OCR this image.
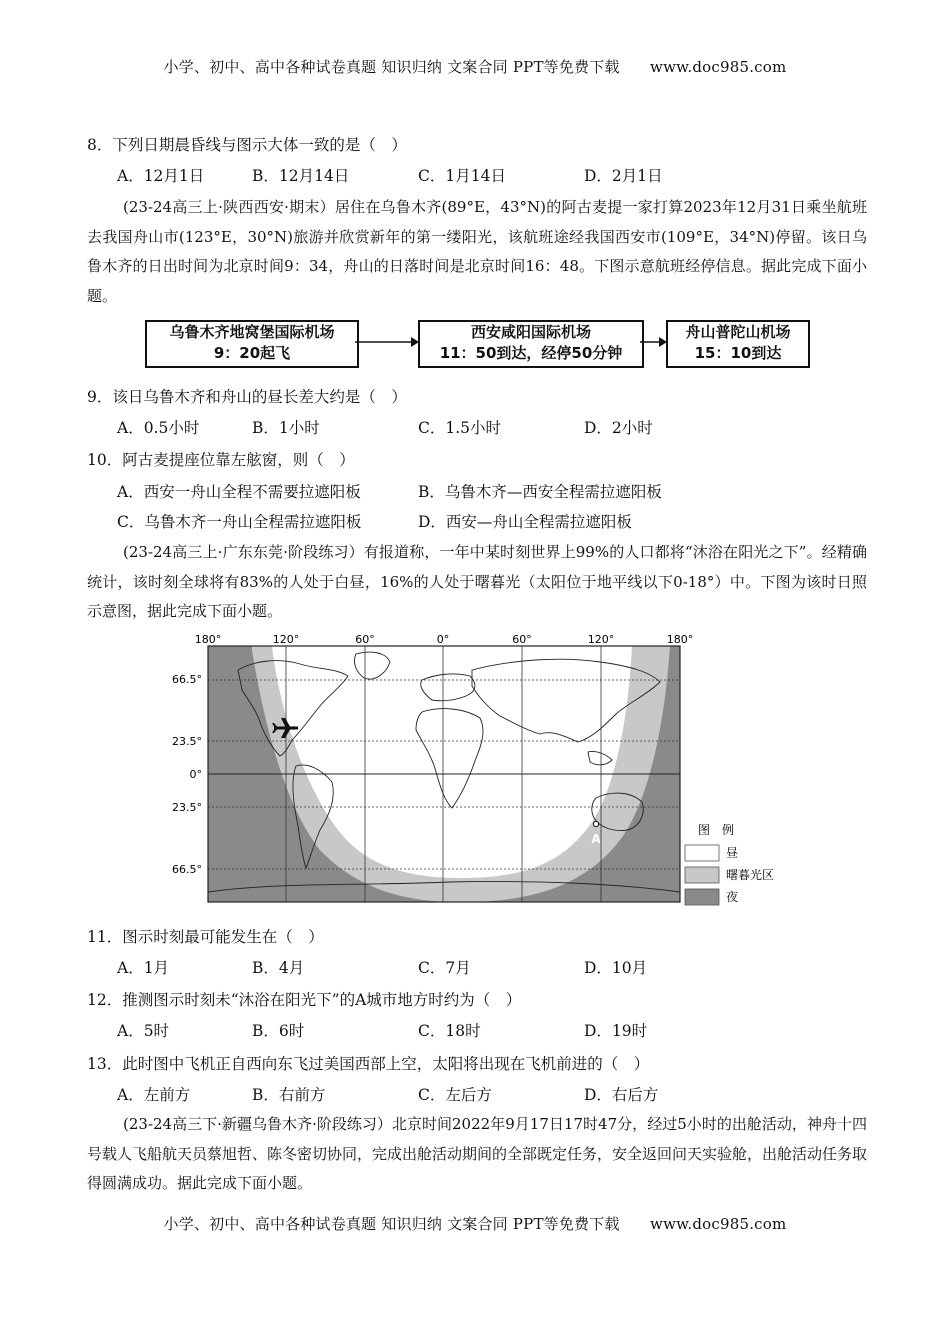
小学、初中、高中各种试卷真题 知识归纳 文案合同 PPT等免费下载　　www.doc985.com
8．下列日期晨昏线与图示大体一致的是（　）
A．12月1日	B．12月14日	C．1月14日	D．2月1日
(23-24高三上·陕西西安·期末）居住在乌鲁木齐(89°E，43°N)的阿古麦提一家打算2023年12月31日乘坐航班去我国舟山市(123°E，30°N)旅游并欣赏新年的第一缕阳光，该航班途经我国西安市(109°E，34°N)停留。该日乌鲁木齐的日出时间为北京时间9：34，舟山的日落时间是北京时间16：48。下图示意航班经停信息。据此完成下面小题。
乌鲁木齐地窝堡国际机场
9：20起飞
西安咸阳国际机场
11：50到达，经停50分钟
舟山普陀山机场
15：10到达
9．该日乌鲁木齐和舟山的昼长差大约是（　）
A．0.5小时	B．1小时	C．1.5小时	D．2小时
10．阿古麦提座位靠左舷窗，则（　）
A．西安一舟山全程不需要拉遮阳板	B．乌鲁木齐—西安全程需拉遮阳板
C．乌鲁木齐一舟山全程需拉遮阳板	D．西安—舟山全程需拉遮阳板
(23-24高三上·广东东莞·阶段练习）有报道称，一年中某时刻世界上99%的人口都将“沐浴在阳光之下”。经精确统计，该时刻全球将有83%的人处于白昼，16%的人处于曙暮光（太阳位于地平线以下0-18°）中。下图为该时日照示意图，据此完成下面小题。
180°	120°	60°	0°	60°	120°	180°
66.5°
23.5°
0°
23.5°
66.5°
A
图　例
昼
曙暮光区
夜
11．图示时刻最可能发生在（　）
A．1月	B．4月	C．7月	D．10月
12．推测图示时刻未“沐浴在阳光下”的A城市地方时约为（　）
A．5时	B．6时	C．18时	D．19时
13．此时图中飞机正自西向东飞过美国西部上空，太阳将出现在飞机前进的（　）
A．左前方	B．右前方	C．左后方	D．右后方
(23-24高三下·新疆乌鲁木齐·阶段练习）北京时间2022年9月17日17时47分，经过5小时的出舱活动，神舟十四号载人飞船航天员蔡旭哲、陈冬密切协同，完成出舱活动期间的全部既定任务，安全返回问天实验舱，出舱活动任务取得圆满成功。据此完成下面小题。
小学、初中、高中各种试卷真题 知识归纳 文案合同 PPT等免费下载　　www.doc985.com
